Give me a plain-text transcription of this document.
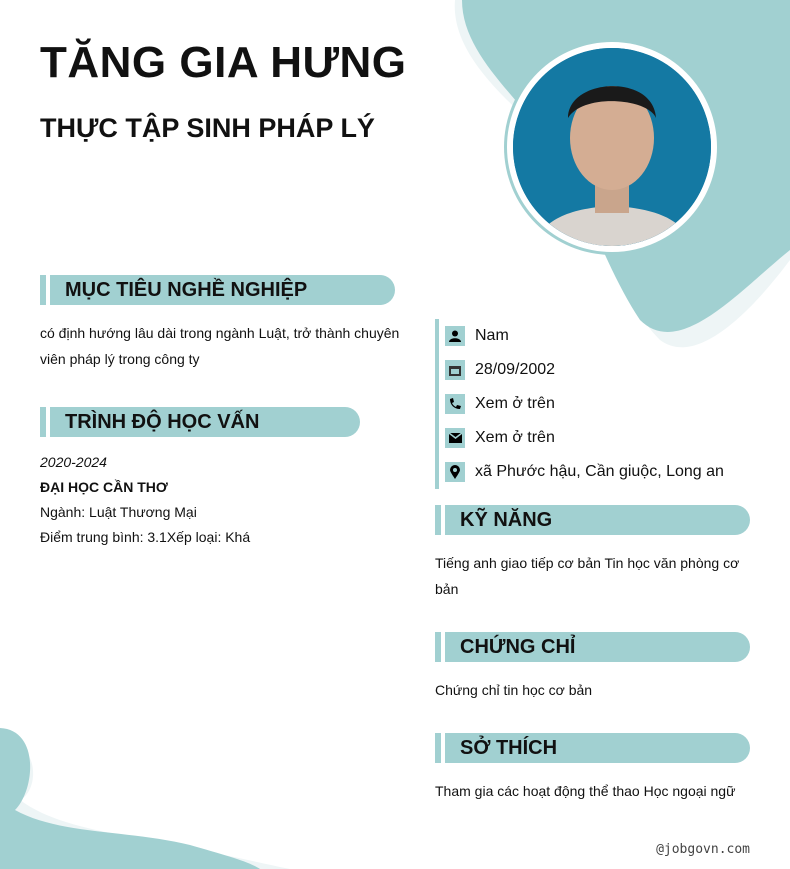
TĂNG GIA HƯNG
THỰC TẬP SINH PHÁP LÝ
MỤC TIÊU NGHỀ NGHIỆP
có định hướng lâu dài trong ngành Luật, trở thành chuyên viên pháp lý trong công ty
TRÌNH ĐỘ HỌC VẤN
2020-2024
ĐẠI HỌC CẦN THƠ
Ngành: Luật Thương Mại
Điểm trung bình: 3.1Xếp loại: Khá
Nam
28/09/2002
Xem ở trên
Xem ở trên
xã Phước hậu, Cần giuộc, Long an
KỸ NĂNG
Tiếng anh giao tiếp cơ bản Tin học văn phòng cơ bản
CHỨNG CHỈ
Chứng chỉ tin học cơ bản
SỞ THÍCH
Tham gia các hoạt động thể thao Học ngoại ngữ
@jobgovn.com
